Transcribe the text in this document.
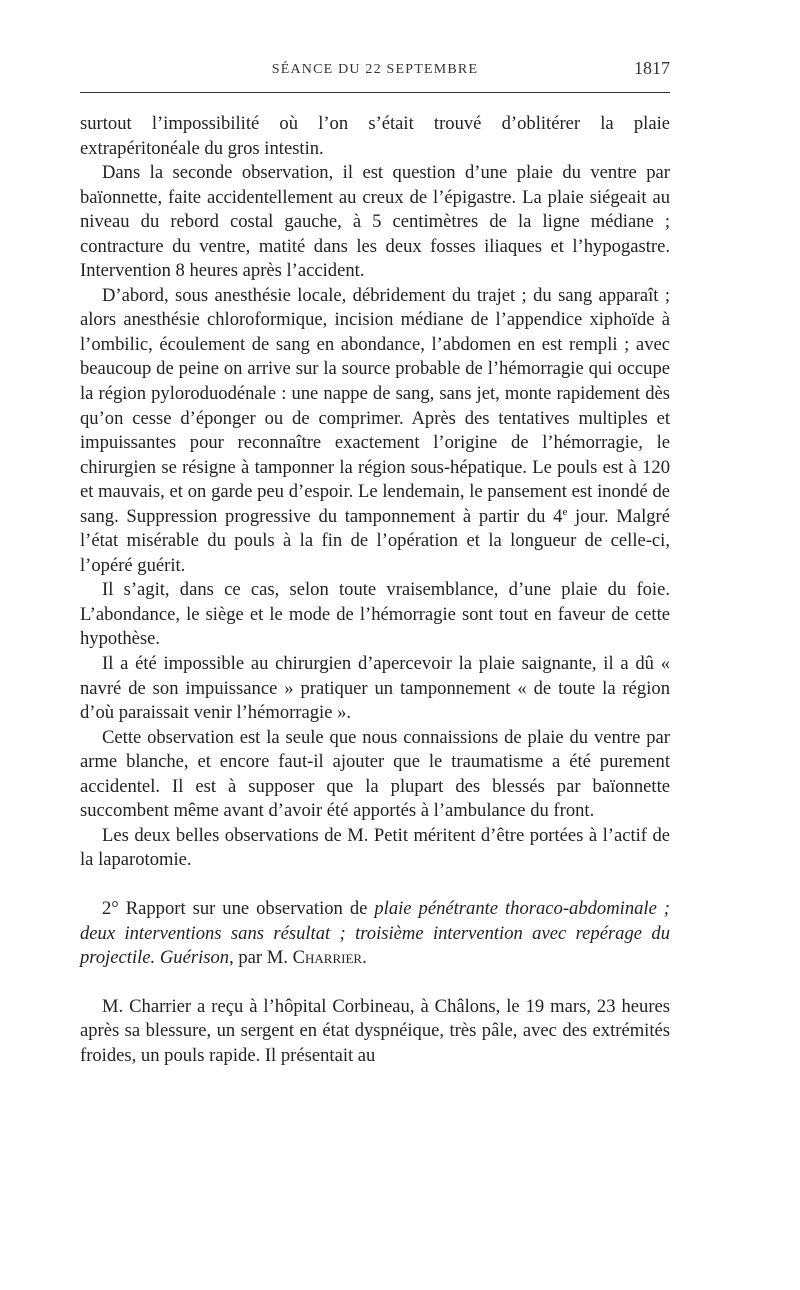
SÉANCE DU 22 SEPTEMBRE	1817

surtout l’impossibilité où l’on s’était trouvé d’oblitérer la plaie extrapéritonéale du gros intestin.

Dans la seconde observation, il est question d’une plaie du ventre par baïonnette, faite accidentellement au creux de l’épigastre. La plaie siégeait au niveau du rebord costal gauche, à 5 centimètres de la ligne médiane ; contracture du ventre, matité dans les deux fosses iliaques et l’hypogastre. Intervention 8 heures après l’accident.

D’abord, sous anesthésie locale, débridement du trajet ; du sang apparaît ; alors anesthésie chloroformique, incision médiane de l’appendice xiphoïde à l’ombilic, écoulement de sang en abondance, l’abdomen en est rempli ; avec beaucoup de peine on arrive sur la source probable de l’hémorragie qui occupe la région pyloroduodénale : une nappe de sang, sans jet, monte rapidement dès qu’on cesse d’éponger ou de comprimer. Après des tentatives multiples et impuissantes pour reconnaître exactement l’origine de l’hémorragie, le chirurgien se résigne à tamponner la région sous-hépatique. Le pouls est à 120 et mauvais, et on garde peu d’espoir. Le lendemain, le pansement est inondé de sang. Suppression progressive du tamponnement à partir du 4e jour. Malgré l’état misérable du pouls à la fin de l’opération et la longueur de celle-ci, l’opéré guérit.

Il s’agit, dans ce cas, selon toute vraisemblance, d’une plaie du foie. L’abondance, le siège et le mode de l’hémorragie sont tout en faveur de cette hypothèse.

Il a été impossible au chirurgien d’apercevoir la plaie saignante, il a dû « navré de son impuissance » pratiquer un tamponnement « de toute la région d’où paraissait venir l’hémorragie ».

Cette observation est la seule que nous connaissions de plaie du ventre par arme blanche, et encore faut-il ajouter que le traumatisme a été purement accidentel. Il est à supposer que la plupart des blessés par baïonnette succombent même avant d’avoir été apportés à l’ambulance du front.

Les deux belles observations de M. Petit méritent d’être portées à l’actif de la laparotomie.

2° Rapport sur une observation de plaie pénétrante thoraco-abdominale ; deux interventions sans résultat ; troisième intervention avec repérage du projectile. Guérison, par M. Charrier.

M. Charrier a reçu à l’hôpital Corbineau, à Châlons, le 19 mars, 23 heures après sa blessure, un sergent en état dyspnéique, très pâle, avec des extrémités froides, un pouls rapide. Il présentait au
